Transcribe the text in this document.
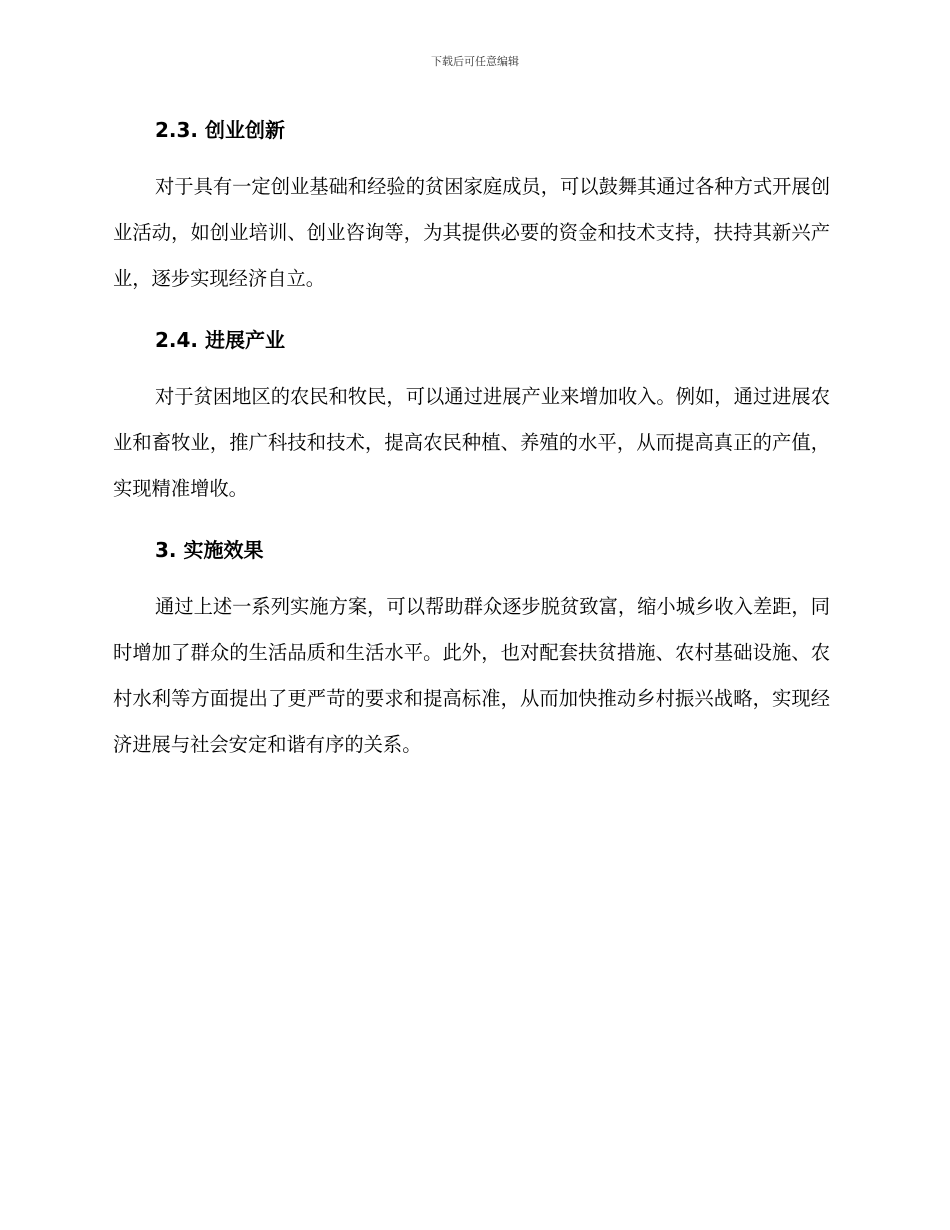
下载后可任意编辑
2.3. 创业创新

对于具有一定创业基础和经验的贫困家庭成员，可以鼓舞其通过各种方式开展创业活动，如创业培训、创业咨询等，为其提供必要的资金和技术支持，扶持其新兴产业，逐步实现经济自立。

2.4. 进展产业

对于贫困地区的农民和牧民，可以通过进展产业来增加收入。例如，通过进展农业和畜牧业，推广科技和技术，提高农民种植、养殖的水平，从而提高真正的产值，实现精准增收。

3. 实施效果

通过上述一系列实施方案，可以帮助群众逐步脱贫致富，缩小城乡收入差距，同时增加了群众的生活品质和生活水平。此外，也对配套扶贫措施、农村基础设施、农村水利等方面提出了更严苛的要求和提高标准，从而加快推动乡村振兴战略，实现经济进展与社会安定和谐有序的关系。
